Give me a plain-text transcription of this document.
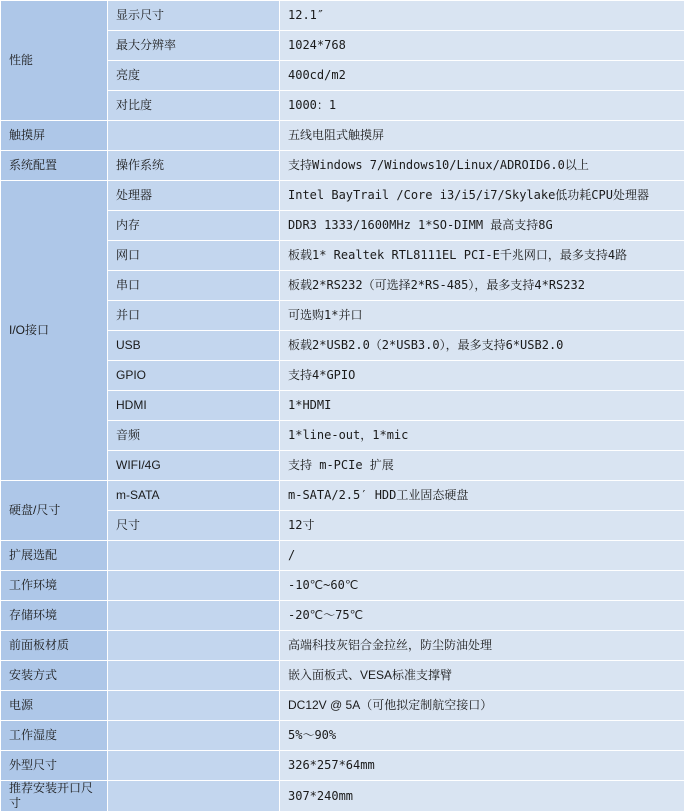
性能	显示尺寸	12.1″
	最大分辨率	1024*768
	亮度	400cd/m2
	对比度	1000：1
触摸屏		五线电阻式触摸屏
系统配置	操作系统	支持Windows 7/Windows10/Linux/ADROID6.0以上
I/O接口	处理器	Intel BayTrail /Core i3/i5/i7/Skylake低功耗CPU处理器
	内存	DDR3 1333/1600MHz 1*SO-DIMM 最高支持8G
	网口	板载1* Realtek RTL8111EL PCI-E千兆网口，最多支持4路
	串口	板载2*RS232（可选择2*RS-485），最多支持4*RS232
	并口	可选购1*并口
	USB	板载2*USB2.0（2*USB3.0），最多支持6*USB2.0
	GPIO	支持4*GPIO
	HDMI	1*HDMI
	音频	1*line-out，1*mic
	WIFI/4G	支持 m-PCIe 扩展
硬盘/尺寸	m-SATA	m-SATA/2.5′ HDD工业固态硬盘
	尺寸	12寸
扩展选配		/
工作环境		-10℃~60℃
存储环境		-20℃～75℃
前面板材质		高端科技灰铝合金拉丝，防尘防油处理
安装方式		嵌入面板式、VESA标准支撑臂
电源		DC12V @ 5A（可他拟定制航空接口）
工作湿度		5%～90%
外型尺寸		326*257*64mm
推荐安装开口尺寸		307*240mm
